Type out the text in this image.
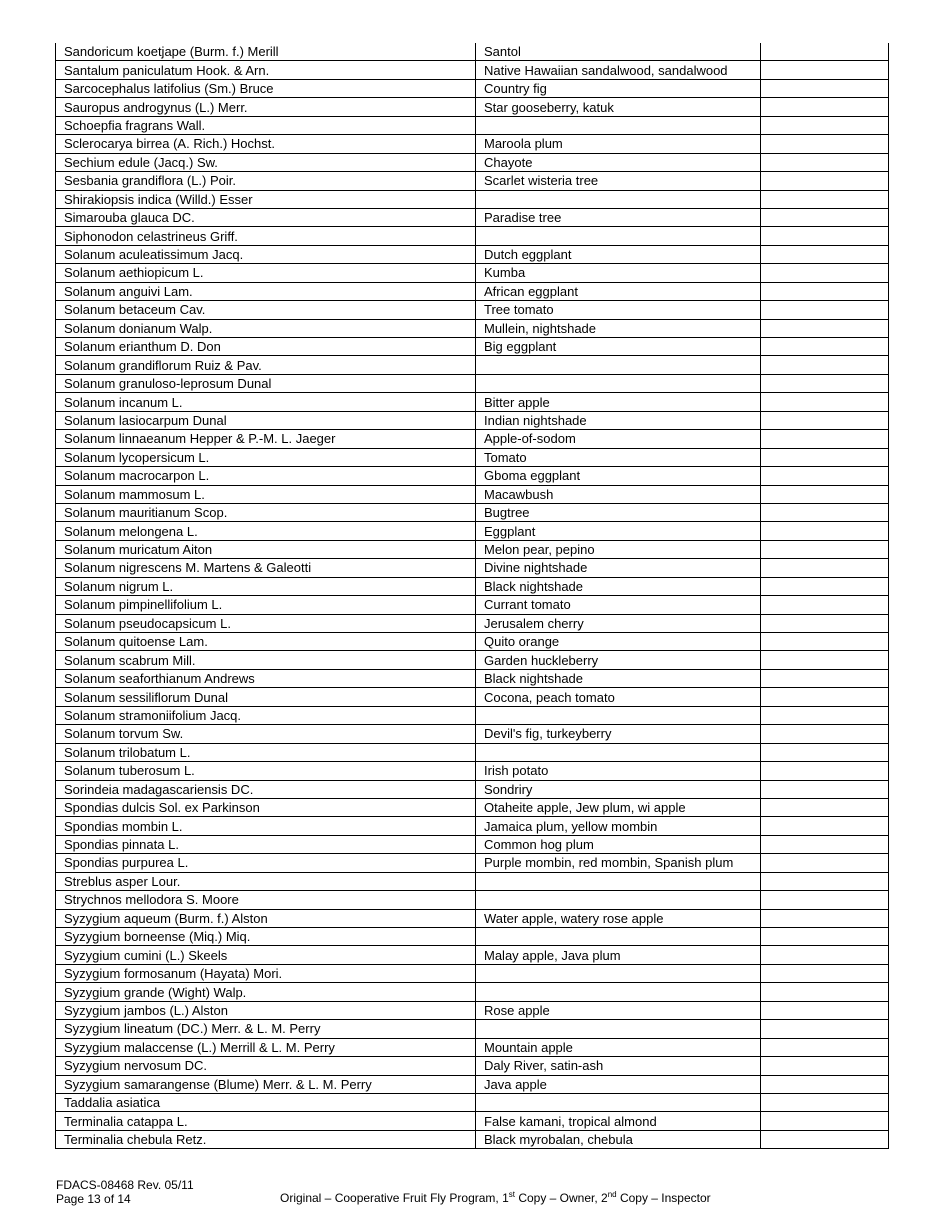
Sandoricum koetjape (Burm. f.) Merill	Santol	
Santalum paniculatum Hook. & Arn.	Native Hawaiian sandalwood, sandalwood	
Sarcocephalus latifolius (Sm.) Bruce	Country fig	
Sauropus androgynus (L.) Merr.	Star gooseberry, katuk	
Schoepfia fragrans Wall.		
Sclerocarya birrea (A. Rich.) Hochst.	Maroola plum	
Sechium edule (Jacq.) Sw.	Chayote	
Sesbania grandiflora (L.) Poir.	Scarlet wisteria tree	
Shirakiopsis indica (Willd.) Esser		
Simarouba glauca DC.	Paradise tree	
Siphonodon celastrineus Griff.		
Solanum aculeatissimum Jacq.	Dutch eggplant	
Solanum aethiopicum L.	Kumba	
Solanum anguivi Lam.	African eggplant	
Solanum betaceum Cav.	Tree tomato	
Solanum donianum Walp.	Mullein, nightshade	
Solanum erianthum D. Don	Big eggplant	
Solanum grandiflorum Ruiz & Pav.		
Solanum granuloso-leprosum Dunal		
Solanum incanum L.	Bitter apple	
Solanum lasiocarpum Dunal	Indian nightshade	
Solanum linnaeanum Hepper & P.-M. L. Jaeger	Apple-of-sodom	
Solanum lycopersicum L.	Tomato	
Solanum macrocarpon L.	Gboma eggplant	
Solanum mammosum L.	Macawbush	
Solanum mauritianum Scop.	Bugtree	
Solanum melongena L.	Eggplant	
Solanum muricatum Aiton	Melon pear, pepino	
Solanum nigrescens M. Martens & Galeotti	Divine nightshade	
Solanum nigrum L.	Black nightshade	
Solanum pimpinellifolium L.	Currant tomato	
Solanum pseudocapsicum L.	Jerusalem cherry	
Solanum quitoense Lam.	Quito orange	
Solanum scabrum Mill.	Garden huckleberry	
Solanum seaforthianum Andrews	Black nightshade	
Solanum sessiliflorum Dunal	Cocona, peach tomato	
Solanum stramoniifolium Jacq.		
Solanum torvum Sw.	Devil's fig, turkeyberry	
Solanum trilobatum L.		
Solanum tuberosum L.	Irish potato	
Sorindeia madagascariensis DC.	Sondriry	
Spondias dulcis Sol. ex Parkinson	Otaheite apple, Jew plum, wi apple	
Spondias mombin L.	Jamaica plum, yellow mombin	
Spondias pinnata L.	Common hog plum	
Spondias purpurea L.	Purple mombin, red mombin, Spanish plum	
Streblus asper Lour.		
Strychnos mellodora S. Moore		
Syzygium aqueum (Burm. f.) Alston	Water apple, watery rose apple	
Syzygium borneense (Miq.) Miq.		
Syzygium cumini (L.) Skeels	Malay apple, Java plum	
Syzygium formosanum (Hayata) Mori.		
Syzygium grande (Wight) Walp.		
Syzygium jambos (L.) Alston	Rose apple	
Syzygium lineatum (DC.) Merr. & L. M. Perry		
Syzygium malaccense (L.) Merrill & L. M. Perry	Mountain apple	
Syzygium nervosum DC.	Daly River, satin-ash	
Syzygium samarangense (Blume) Merr. & L. M. Perry	Java apple	
Taddalia asiatica		
Terminalia catappa L.	False kamani, tropical almond	
Terminalia chebula Retz.	Black myrobalan, chebula	
FDACS-08468 Rev. 05/11
Page 13 of 14	Original – Cooperative Fruit Fly Program, 1st Copy – Owner, 2nd Copy – Inspector
